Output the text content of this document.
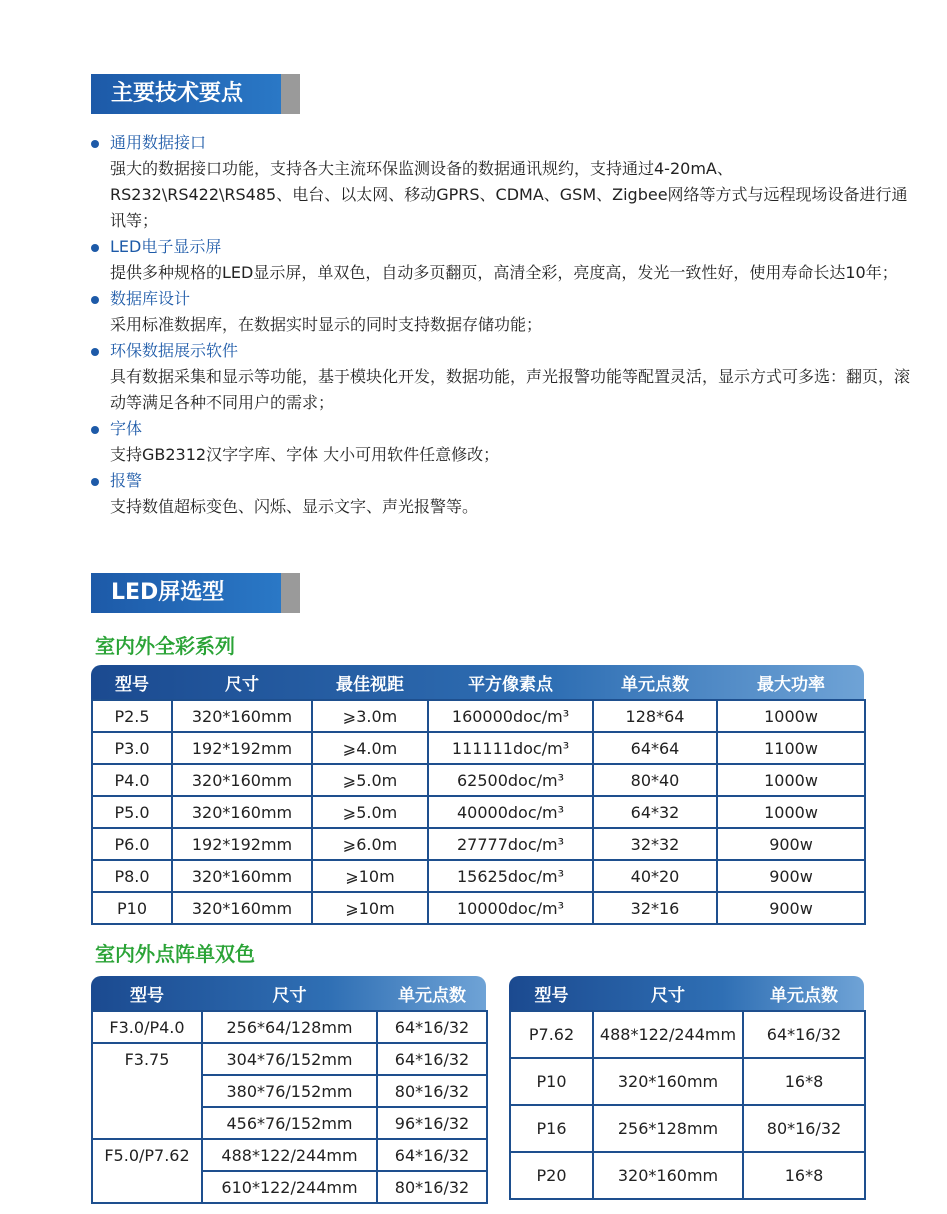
主要技术要点
通用数据接口
强大的数据接口功能，支持各大主流环保监测设备的数据通讯规约，支持通过4-20mA、RS232\RS422\RS485、电台、以太网、移动GPRS、CDMA、GSM、Zigbee网络等方式与远程现场设备进行通讯等；
LED电子显示屏
提供多种规格的LED显示屏，单双色，自动多页翻页，高清全彩，亮度高，发光一致性好，使用寿命长达10年；
数据库设计
采用标准数据库，在数据实时显示的同时支持数据存储功能；
环保数据展示软件
具有数据采集和显示等功能，基于模块化开发，数据功能，声光报警功能等配置灵活，显示方式可多选：翻页，滚动等满足各种不同用户的需求；
字体
支持GB2312汉字字库、字体 大小可用软件任意修改；
报警
支持数值超标变色、闪烁、显示文字、声光报警等。
LED屏选型
室内外全彩系列
型号	尺寸	最佳视距	平方像素点	单元点数	最大功率
P2.5	320*160mm	⩾3.0m	160000doc/m³	128*64	1000w
P3.0	192*192mm	⩾4.0m	111111doc/m³	64*64	1100w
P4.0	320*160mm	⩾5.0m	62500doc/m³	80*40	1000w
P5.0	320*160mm	⩾5.0m	40000doc/m³	64*32	1000w
P6.0	192*192mm	⩾6.0m	27777doc/m³	32*32	900w
P8.0	320*160mm	⩾10m	15625doc/m³	40*20	900w
P10	320*160mm	⩾10m	10000doc/m³	32*16	900w
室内外点阵单双色
型号	尺寸	单元点数
F3.0/P4.0	256*64/128mm	64*16/32
F3.75	304*76/152mm	64*16/32
	380*76/152mm	80*16/32
	456*76/152mm	96*16/32
F5.0/P7.62	488*122/244mm	64*16/32
	610*122/244mm	80*16/32
型号	尺寸	单元点数
P7.62	488*122/244mm	64*16/32
P10	320*160mm	16*8
P16	256*128mm	80*16/32
P20	320*160mm	16*8
